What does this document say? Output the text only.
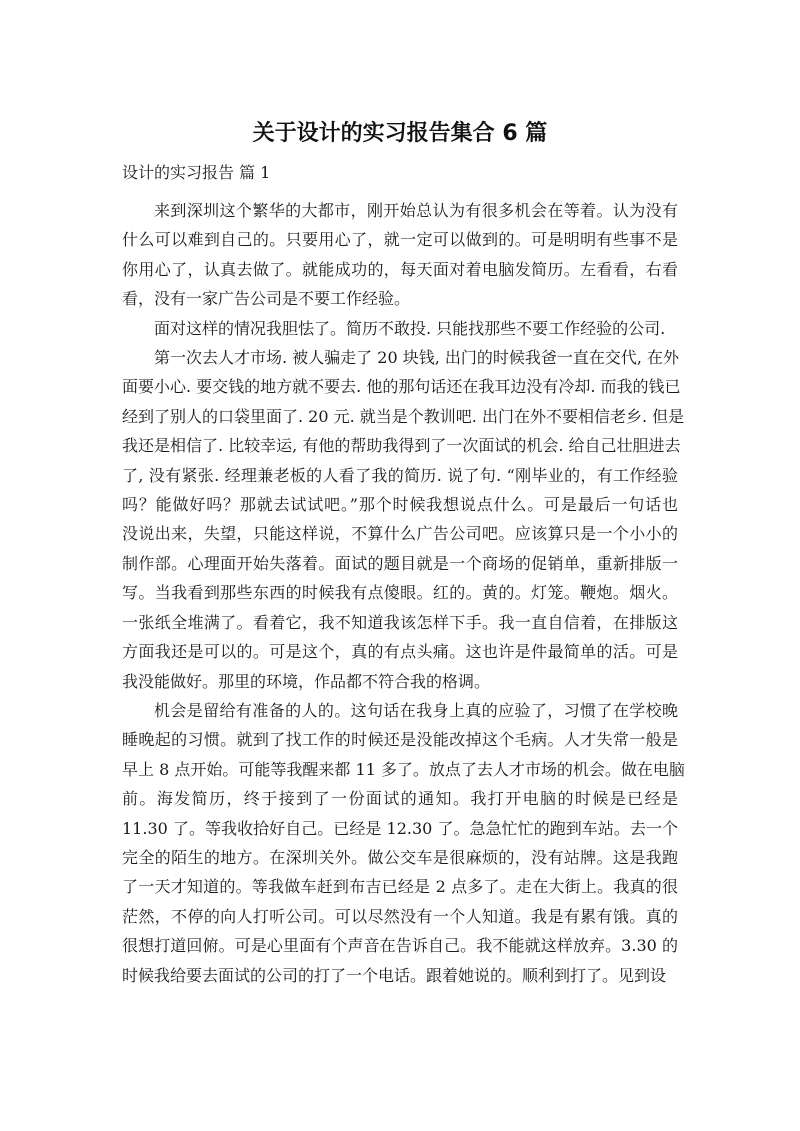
关于设计的实习报告集合 6 篇

设计的实习报告 篇 1

来到深圳这个繁华的大都市，刚开始总认为有很多机会在等着。认为没有
什么可以难到自己的。只要用心了，就一定可以做到的。可是明明有些事不是
你用心了，认真去做了。就能成功的，每天面对着电脑发简历。左看看，右看
看，没有一家广告公司是不要工作经验。
面对这样的情况我胆怯了。简历不敢投. 只能找那些不要工作经验的公司.
第一次去人才市场. 被人骗走了 20 块钱, 出门的时候我爸一直在交代, 在外
面要小心. 要交钱的地方就不要去. 他的那句话还在我耳边没有冷却. 而我的钱已
经到了别人的口袋里面了. 20 元. 就当是个教训吧. 出门在外不要相信老乡. 但是
我还是相信了. 比较幸运, 有他的帮助我得到了一次面试的机会. 给自己壮胆进去
了, 没有紧张. 经理兼老板的人看了我的简历. 说了句. “刚毕业的，有工作经验
吗？能做好吗？那就去试试吧。”那个时候我想说点什么。可是最后一句话也
没说出来，失望，只能这样说，不算什么广告公司吧。应该算只是一个小小的
制作部。心理面开始失落着。面试的题目就是一个商场的促销单，重新排版一
写。当我看到那些东西的时候我有点傻眼。红的。黄的。灯笼。鞭炮。烟火。
一张纸全堆满了。看着它，我不知道我该怎样下手。我一直自信着，在排版这
方面我还是可以的。可是这个，真的有点头痛。这也许是件最简单的活。可是
我没能做好。那里的环境，作品都不符合我的格调。
机会是留给有准备的人的。这句话在我身上真的应验了，习惯了在学校晚
睡晚起的习惯。就到了找工作的时候还是没能改掉这个毛病。人才失常一般是
早上 8 点开始。可能等我醒来都 11 多了。放点了去人才市场的机会。做在电脑
前。海发简历，终于接到了一份面试的通知。我打开电脑的时候是已经是
11.30 了。等我收拾好自己。已经是 12.30 了。急急忙忙的跑到车站。去一个
完全的陌生的地方。在深圳关外。做公交车是很麻烦的，没有站牌。这是我跑
了一天才知道的。等我做车赶到布吉已经是 2 点多了。走在大街上。我真的很
茫然，不停的向人打听公司。可以尽然没有一个人知道。我是有累有饿。真的
很想打道回俯。可是心里面有个声音在告诉自己。我不能就这样放弃。3.30 的
时候我给要去面试的公司的打了一个电话。跟着她说的。顺利到打了。见到设
